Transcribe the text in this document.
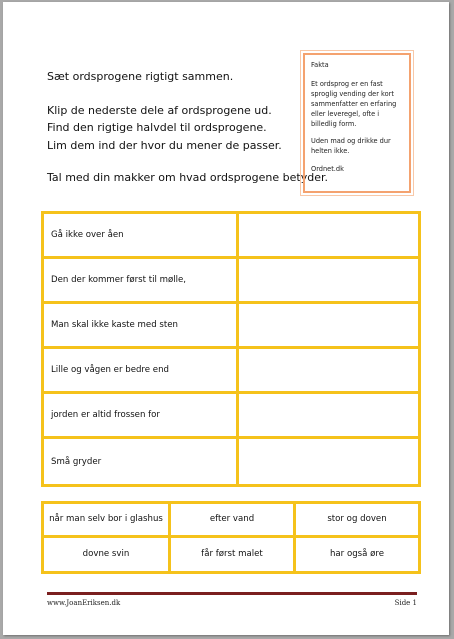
Sæt ordsprogene rigtigt sammen.

Klip de nederste dele af ordsprogene ud.

Find den rigtige halvdel til ordsprogene.

Lim dem ind der hvor du mener de passer.

Tal med din makker om hvad ordsprogene betyder.

Fakta

Et ordsprog er en fast sproglig vending der kort sammenfatter en erfaring eller leveregel, ofte i billedlig form.

Uden mad og drikke dur helten ikke.

Ordnet.dk

Gå ikke over åen
Den der kommer først til mølle,
Man skal ikke kaste med sten
Lille og vågen er bedre end
jorden er altid frossen for
Små gryder
når man selv bor i glashus	efter vand	stor og doven
dovne svin	får først malet	har også øre
www.JoanEriksen.dk	Side 1
